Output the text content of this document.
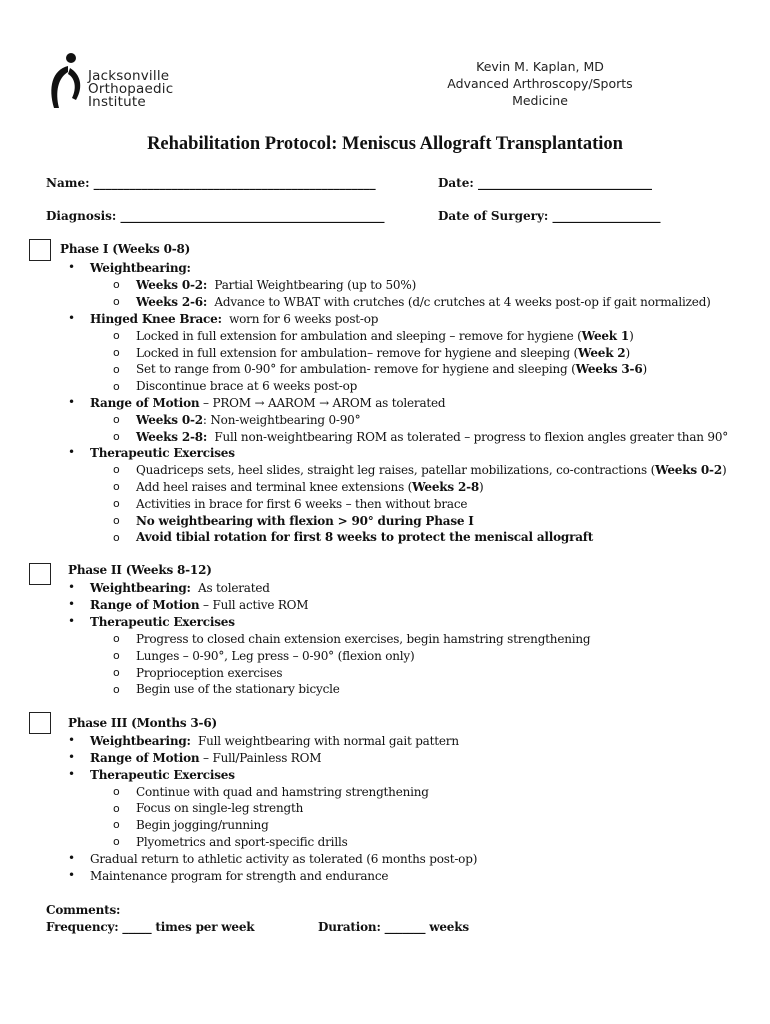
Jacksonville
Orthopaedic
Institute
Kevin M. Kaplan, MD
Advanced Arthroscopy/Sports
Medicine
Rehabilitation Protocol: Meniscus Allograft Transplantation
Name: _______________________________________________	Date: _____________________________
Diagnosis: ____________________________________________	Date of Surgery: __________________
Phase I (Weeks 0-8)
• Weightbearing:
o Weeks 0-2: Partial Weightbearing (up to 50%)
o Weeks 2-6: Advance to WBAT with crutches (d/c crutches at 4 weeks post-op if gait normalized)
• Hinged Knee Brace: worn for 6 weeks post-op
o Locked in full extension for ambulation and sleeping – remove for hygiene (Week 1)
o Locked in full extension for ambulation– remove for hygiene and sleeping (Week 2)
o Set to range from 0-90° for ambulation- remove for hygiene and sleeping (Weeks 3-6)
o Discontinue brace at 6 weeks post-op
• Range of Motion – PROM → AAROM → AROM as tolerated
o Weeks 0-2: Non-weightbearing 0-90°
o Weeks 2-8: Full non-weightbearing ROM as tolerated – progress to flexion angles greater than 90°
• Therapeutic Exercises
o Quadriceps sets, heel slides, straight leg raises, patellar mobilizations, co-contractions (Weeks 0-2)
o Add heel raises and terminal knee extensions (Weeks 2-8)
o Activities in brace for first 6 weeks – then without brace
o No weightbearing with flexion > 90° during Phase I
o Avoid tibial rotation for first 8 weeks to protect the meniscal allograft
Phase II (Weeks 8-12)
• Weightbearing: As tolerated
• Range of Motion – Full active ROM
• Therapeutic Exercises
o Progress to closed chain extension exercises, begin hamstring strengthening
o Lunges – 0-90°, Leg press – 0-90° (flexion only)
o Proprioception exercises
o Begin use of the stationary bicycle
Phase III (Months 3-6)
• Weightbearing: Full weightbearing with normal gait pattern
• Range of Motion – Full/Painless ROM
• Therapeutic Exercises
o Continue with quad and hamstring strengthening
o Focus on single-leg strength
o Begin jogging/running
o Plyometrics and sport-specific drills
• Gradual return to athletic activity as tolerated (6 months post-op)
• Maintenance program for strength and endurance
Comments:
Frequency: _____ times per week	Duration: _______ weeks
